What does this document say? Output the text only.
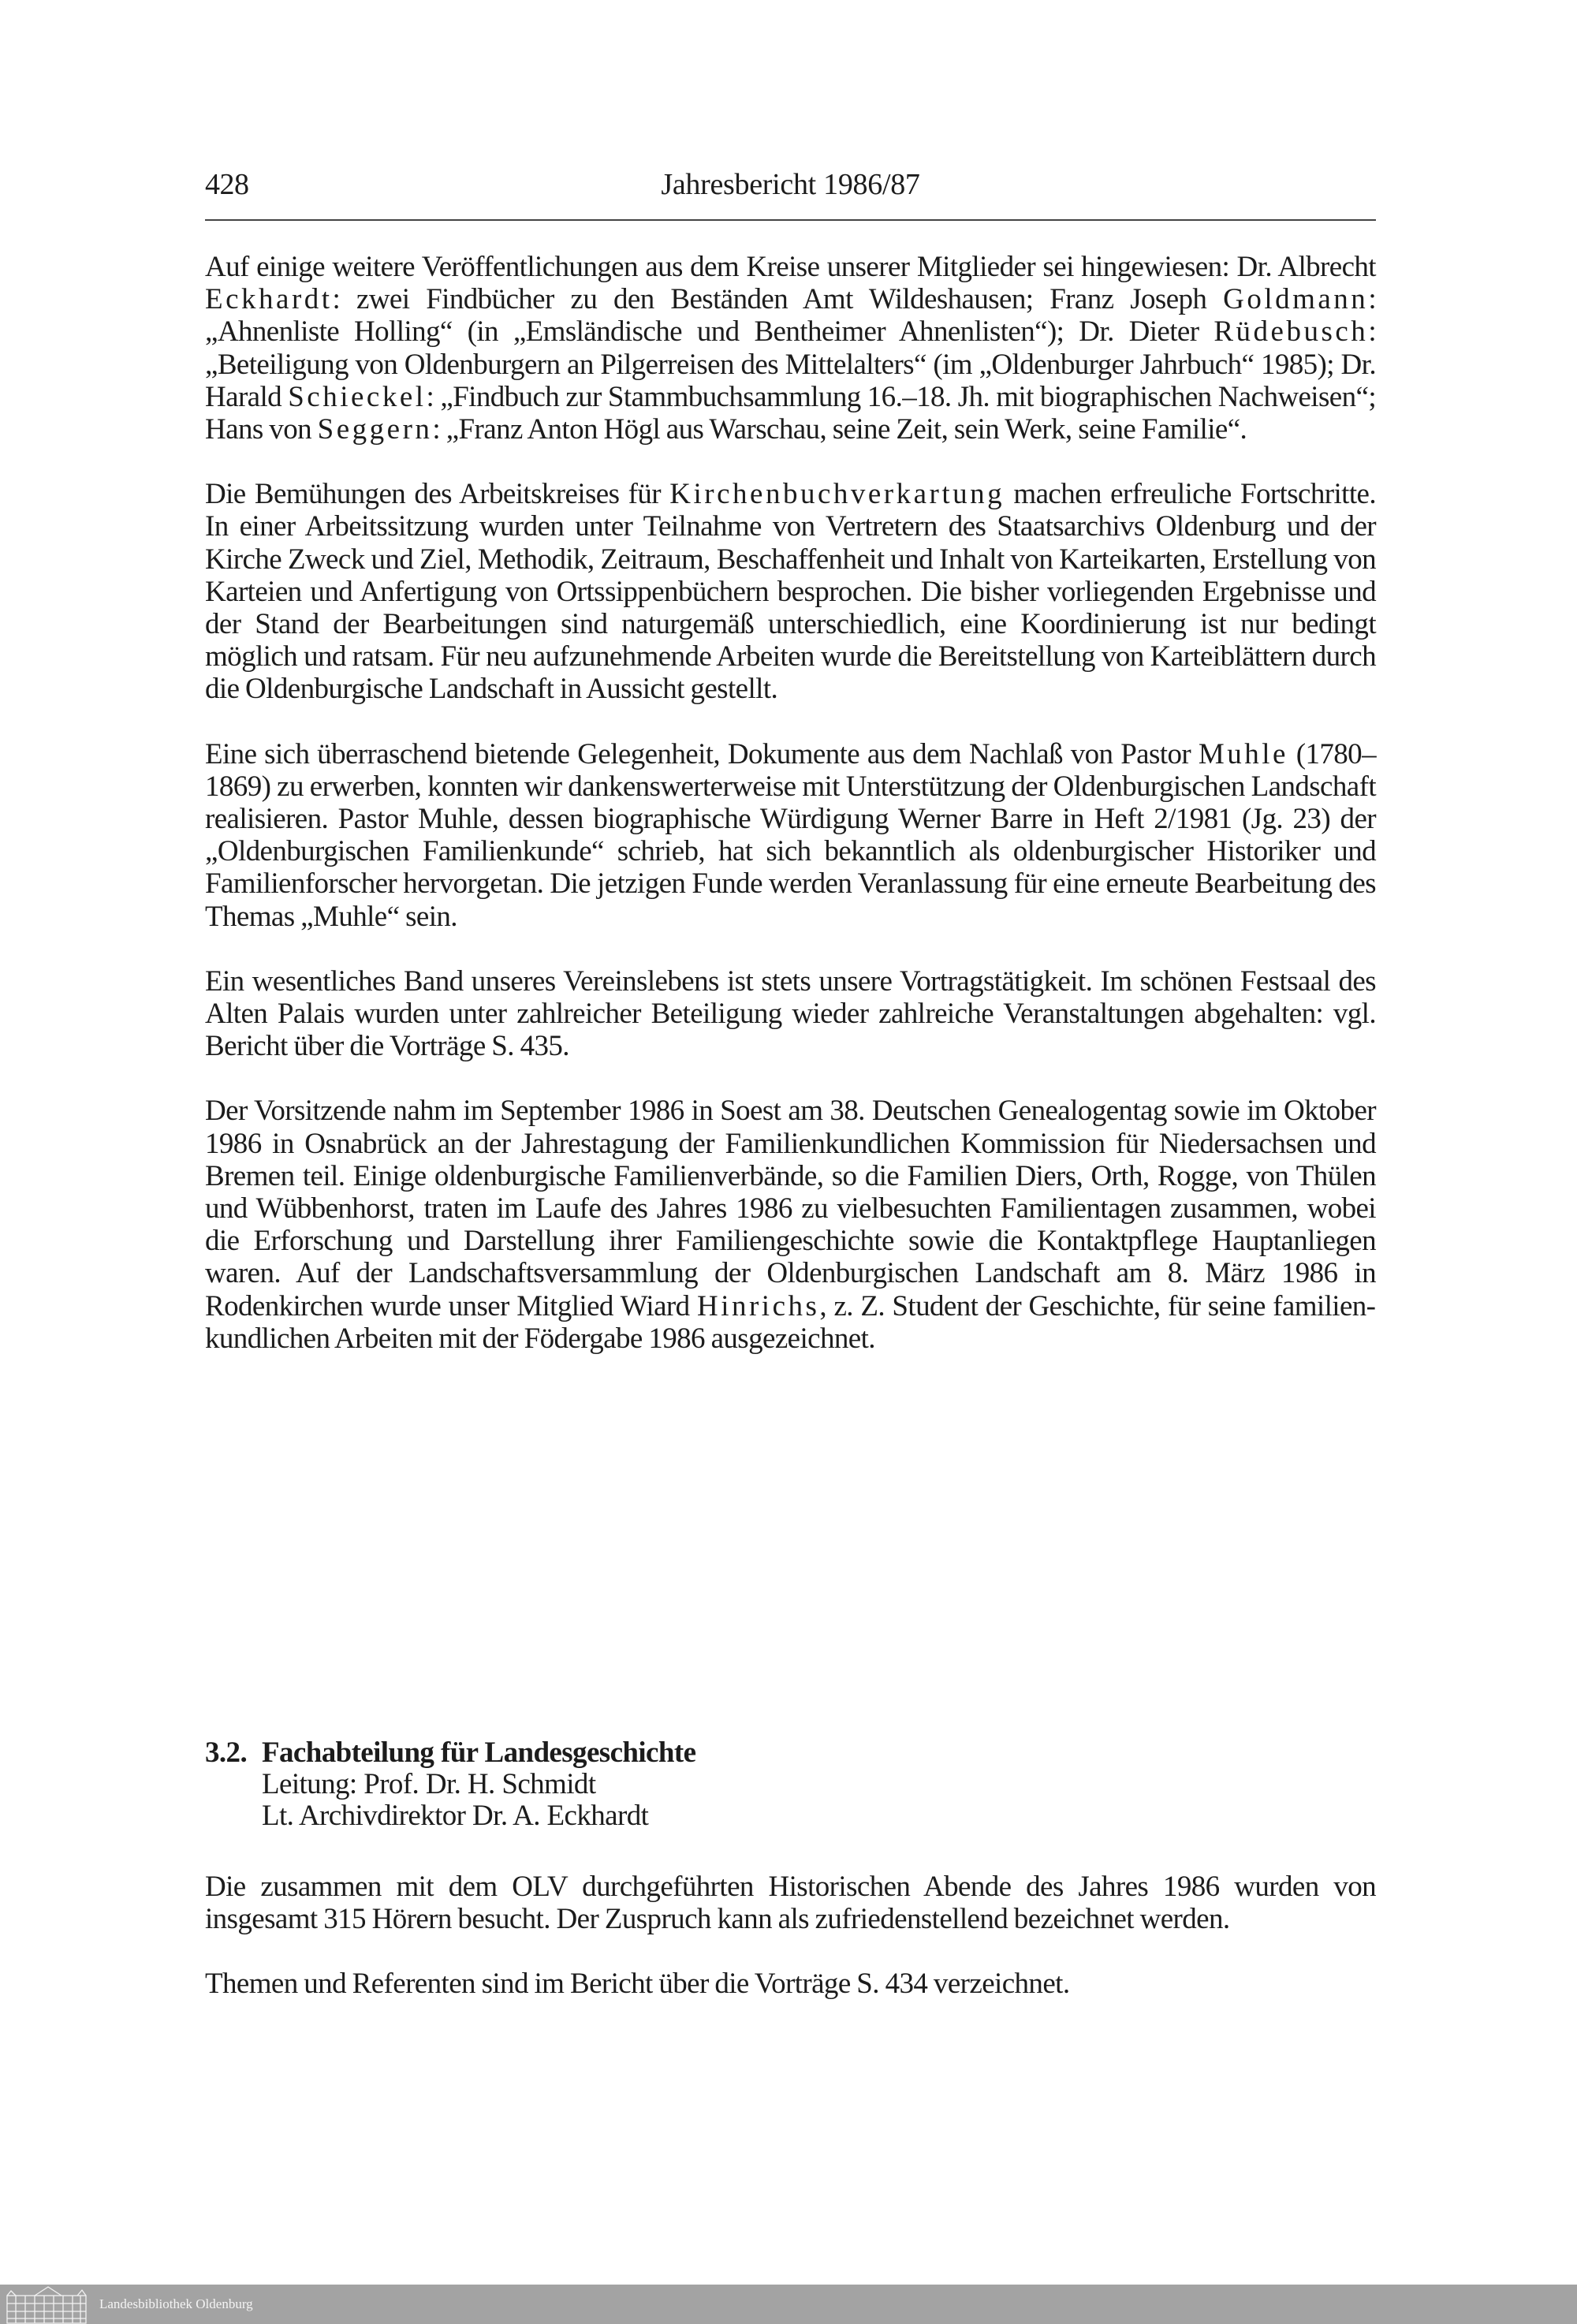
428	Jahresbericht 1986/87

Auf einige weitere Veröffentlichungen aus dem Kreise unserer Mitglieder sei hingewiesen: Dr. Albrecht Eckhardt: zwei Findbücher zu den Beständen Amt Wildeshausen; Franz Joseph Goldmann: „Ahnenliste Holling“ (in „Emsländische und Bentheimer Ahnenlisten“); Dr. Dieter Rüdebusch: „Beteiligung von Oldenburgern an Pilgerreisen des Mittelalters“ (im „Oldenburger Jahrbuch“ 1985); Dr. Harald Schieckel: „Findbuch zur Stammbuchsammlung 16.–18. Jh. mit biographischen Nachweisen“; Hans von Seggern: „Franz Anton Högl aus Warschau, seine Zeit, sein Werk, seine Familie“.

Die Bemühungen des Arbeitskreises für Kirchenbuchverkartung machen erfreuliche Fortschritte. In einer Arbeitssitzung wurden unter Teilnahme von Vertretern des Staatsarchivs Oldenburg und der Kirche Zweck und Ziel, Methodik, Zeitraum, Beschaffenheit und Inhalt von Karteikarten, Erstellung von Karteien und Anfertigung von Ortssippenbüchern besprochen. Die bisher vorliegenden Ergebnisse und der Stand der Bearbeitungen sind naturgemäß unterschiedlich, eine Koordinierung ist nur bedingt möglich und ratsam. Für neu aufzunehmende Arbeiten wurde die Bereitstellung von Karteiblättern durch die Oldenburgische Landschaft in Aussicht gestellt.

Eine sich überraschend bietende Gelegenheit, Dokumente aus dem Nachlaß von Pastor Muhle (1780–1869) zu erwerben, konnten wir dankenswerterweise mit Unterstützung der Oldenburgischen Landschaft realisieren. Pastor Muhle, dessen biographische Würdigung Werner Barre in Heft 2/1981 (Jg. 23) der „Oldenburgischen Familienkunde“ schrieb, hat sich bekanntlich als oldenburgischer Historiker und Familienforscher hervorgetan. Die jetzigen Funde werden Veranlassung für eine erneute Bearbeitung des Themas „Muhle“ sein.

Ein wesentliches Band unseres Vereinslebens ist stets unsere Vortragstätigkeit. Im schönen Festsaal des Alten Palais wurden unter zahlreicher Beteiligung wieder zahlreiche Veranstaltungen abgehalten: vgl. Bericht über die Vorträge S. 435.

Der Vorsitzende nahm im September 1986 in Soest am 38. Deutschen Genealogentag sowie im Oktober 1986 in Osnabrück an der Jahrestagung der Familienkundlichen Kommission für Niedersachsen und Bremen teil. Einige oldenburgische Familienverbände, so die Familien Diers, Orth, Rogge, von Thülen und Wübbenhorst, traten im Laufe des Jahres 1986 zu vielbesuchten Familientagen zusammen, wobei die Erforschung und Darstellung ihrer Familiengeschichte sowie die Kontaktpflege Hauptanliegen waren. Auf der Landschaftsversammlung der Oldenburgischen Landschaft am 8. März 1986 in Rodenkirchen wurde unser Mitglied Wiard Hinrichs, z. Z. Student der Geschichte, für seine familienkundlichen Arbeiten mit der Födergabe 1986 ausgezeichnet.

3.2. Fachabteilung für Landesgeschichte

Leitung: Prof. Dr. H. Schmidt

Lt. Archivdirektor Dr. A. Eckhardt

Die zusammen mit dem OLV durchgeführten Historischen Abende des Jahres 1986 wurden von insgesamt 315 Hörern besucht. Der Zuspruch kann als zufriedenstellend bezeichnet werden.

Themen und Referenten sind im Bericht über die Vorträge S. 434 verzeichnet.

Landesbibliothek Oldenburg
